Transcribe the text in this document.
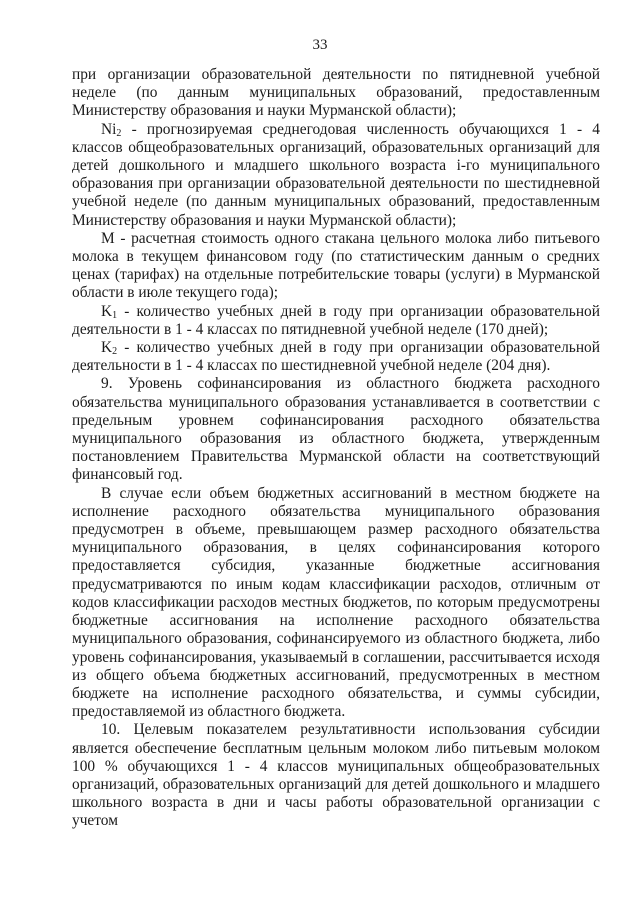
33

при организации образовательной деятельности по пятидневной учебной неделе (по данным муниципальных образований, предоставленным Министерству образования и науки Мурманской области);

$Ni_2$ - прогнозируемая среднегодовая численность обучающихся 1 - 4 классов общеобразовательных организаций, образовательных организаций для детей дошкольного и младшего школьного возраста i-го муниципального образования при организации образовательной деятельности по шестидневной учебной неделе (по данным муниципальных образований, предоставленным Министерству образования и науки Мурманской области);

М - расчетная стоимость одного стакана цельного молока либо питьевого молока в текущем финансовом году (по статистическим данным о средних ценах (тарифах) на отдельные потребительские товары (услуги) в Мурманской области в июле текущего года);

$K_1$ - количество учебных дней в году при организации образовательной деятельности в 1 - 4 классах по пятидневной учебной неделе (170 дней);

$K_2$ - количество учебных дней в году при организации образовательной деятельности в 1 - 4 классах по шестидневной учебной неделе (204 дня).

9. Уровень софинансирования из областного бюджета расходного обязательства муниципального образования устанавливается в соответствии с предельным уровнем софинансирования расходного обязательства муниципального образования из областного бюджета, утвержденным постановлением Правительства Мурманской области на соответствующий финансовый год.

В случае если объем бюджетных ассигнований в местном бюджете на исполнение расходного обязательства муниципального образования предусмотрен в объеме, превышающем размер расходного обязательства муниципального образования, в целях софинансирования которого предоставляется субсидия, указанные бюджетные ассигнования предусматриваются по иным кодам классификации расходов, отличным от кодов классификации расходов местных бюджетов, по которым предусмотрены бюджетные ассигнования на исполнение расходного обязательства муниципального образования, софинансируемого из областного бюджета, либо уровень софинансирования, указываемый в соглашении, рассчитывается исходя из общего объема бюджетных ассигнований, предусмотренных в местном бюджете на исполнение расходного обязательства, и суммы субсидии, предоставляемой из областного бюджета.

10. Целевым показателем результативности использования субсидии является обеспечение бесплатным цельным молоком либо питьевым молоком 100 % обучающихся 1 - 4 классов муниципальных общеобразовательных организаций, образовательных организаций для детей дошкольного и младшего школьного возраста в дни и часы работы образовательной организации с учетом
